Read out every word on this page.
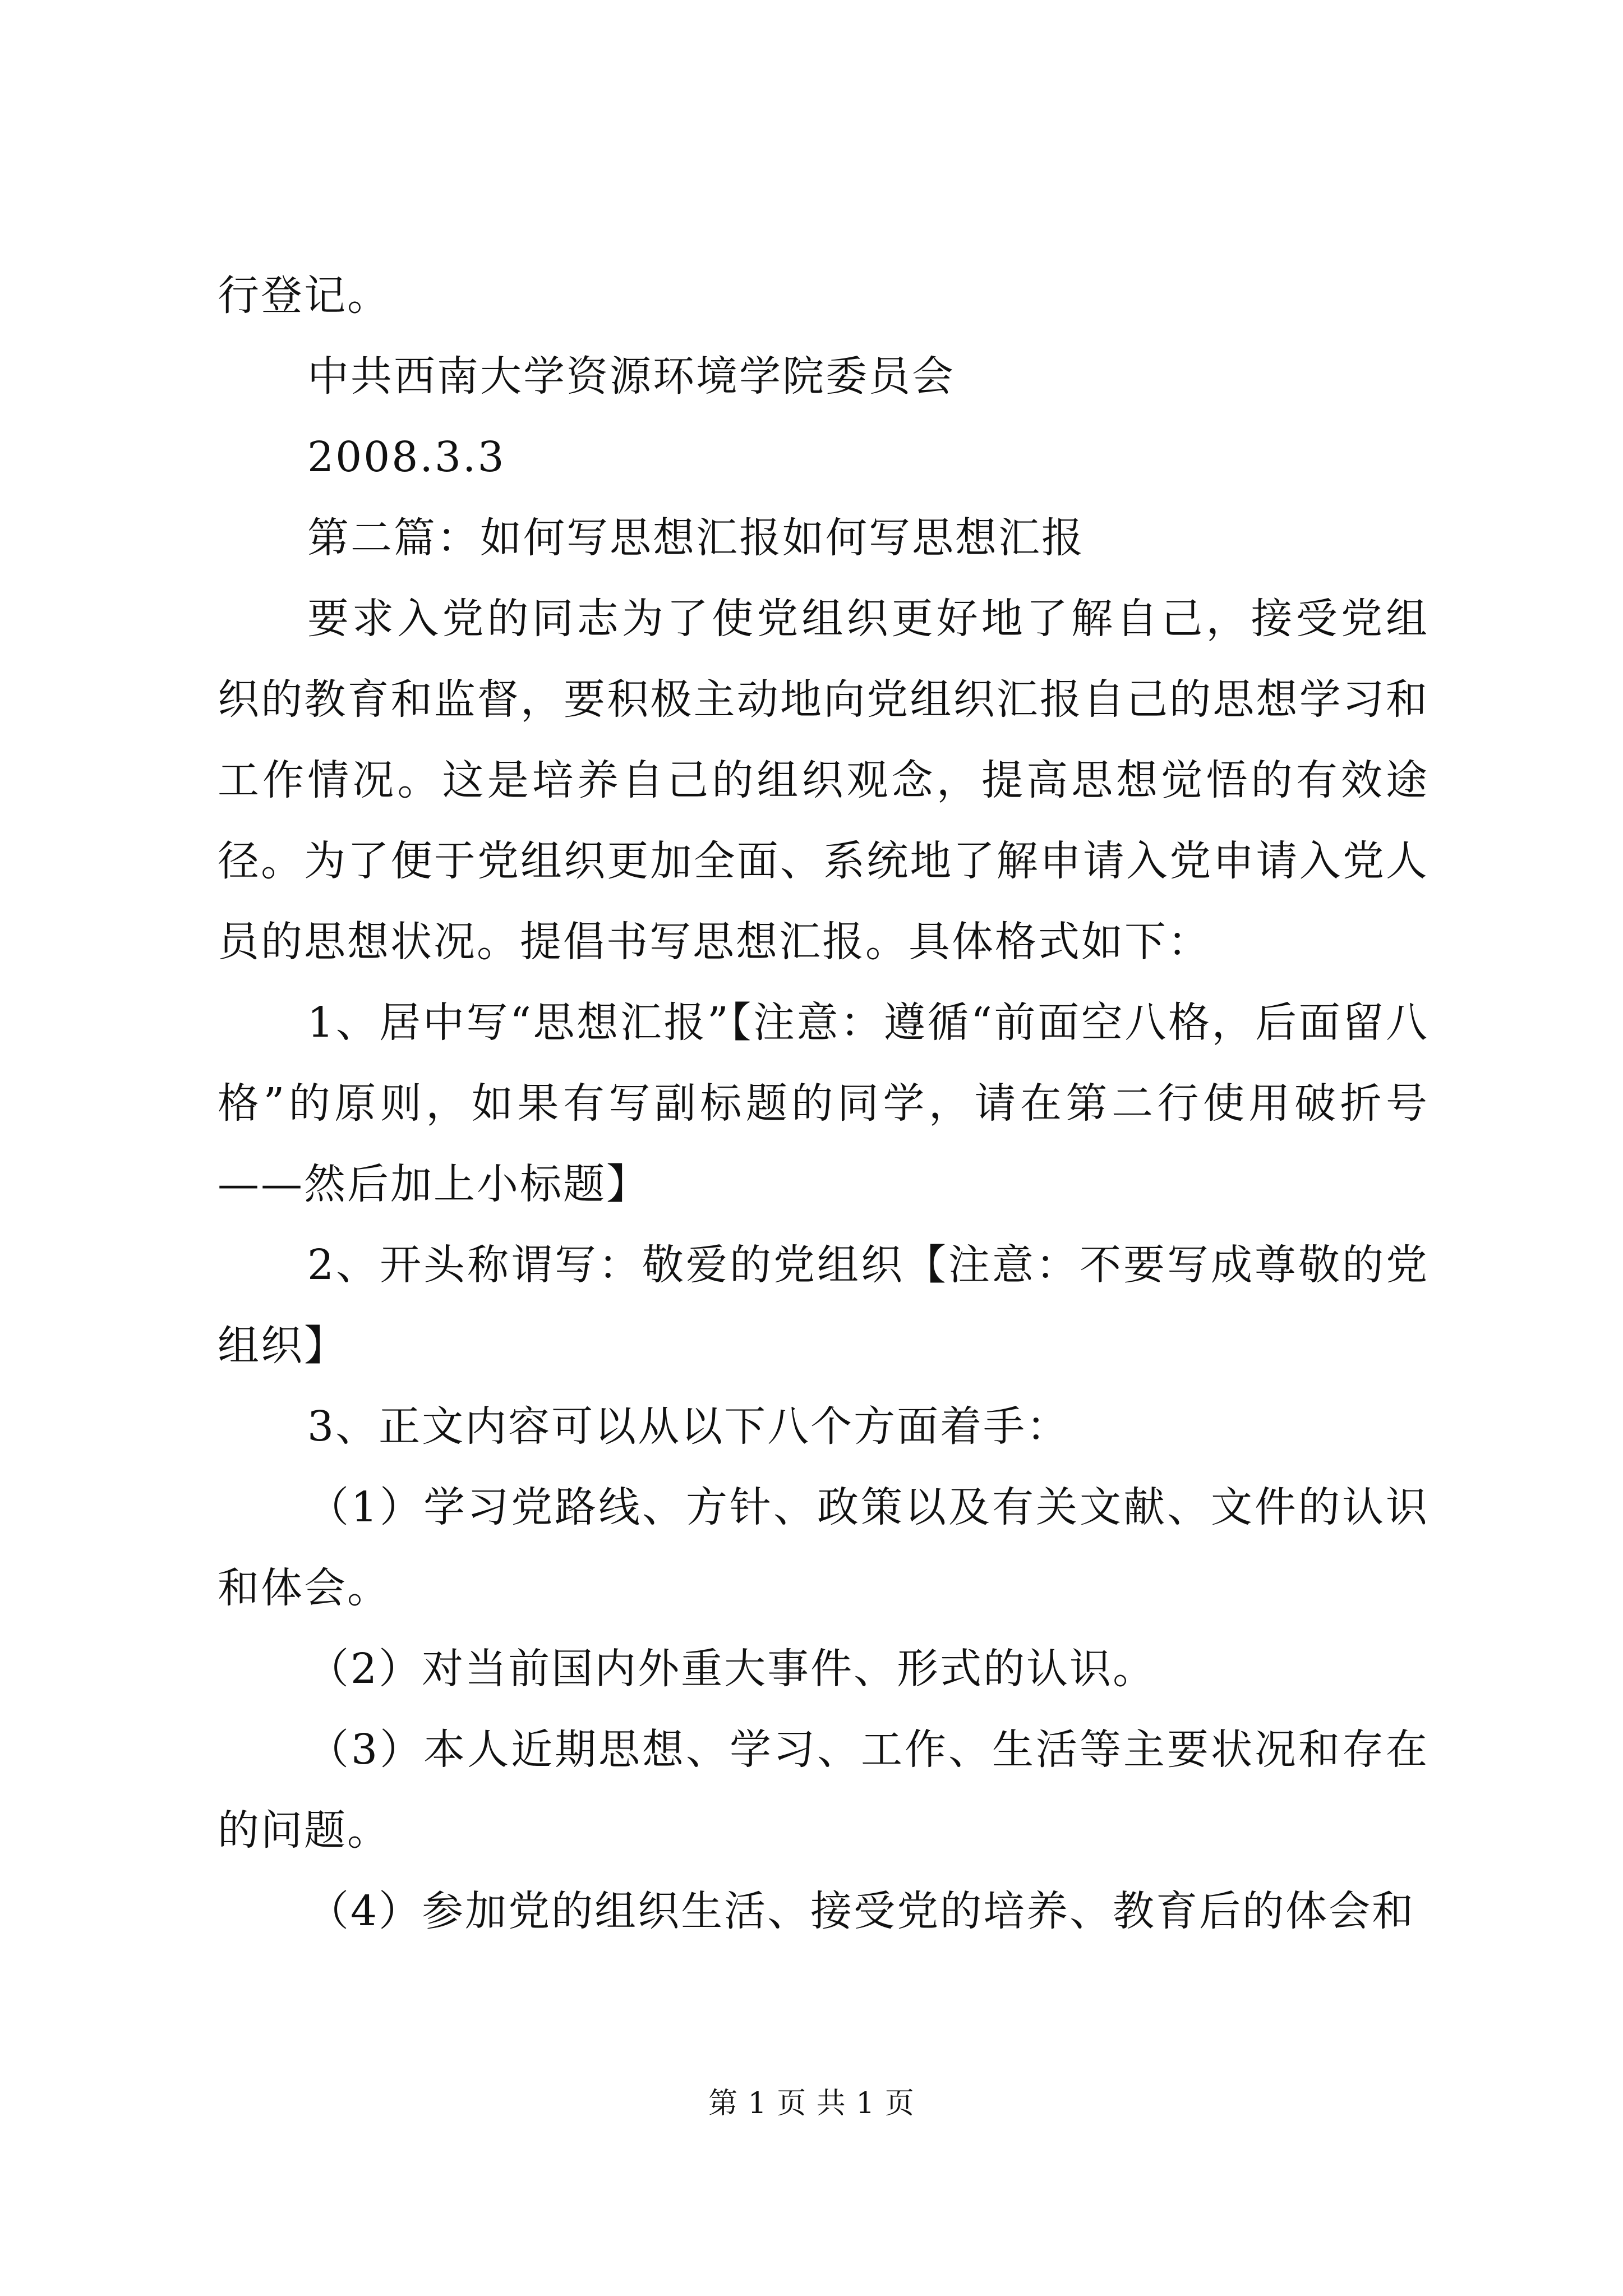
行登记。

中共西南大学资源环境学院委员会

2008.3.3

第二篇：如何写思想汇报如何写思想汇报

要求入党的同志为了使党组织更好地了解自己，接受党组织的教育和监督，要积极主动地向党组织汇报自己的思想学习和工作情况。这是培养自己的组织观念，提高思想觉悟的有效途径。为了便于党组织更加全面、系统地了解申请入党申请入党人员的思想状况。提倡书写思想汇报。具体格式如下：

1、居中写“思想汇报”【注意：遵循“前面空八格，后面留八格”的原则，如果有写副标题的同学，请在第二行使用破折号——然后加上小标题】

2、开头称谓写：敬爱的党组织【注意：不要写成尊敬的党组织】

3、正文内容可以从以下八个方面着手：

（1）学习党路线、方针、政策以及有关文献、文件的认识和体会。

（2）对当前国内外重大事件、形式的认识。

（3）本人近期思想、学习、工作、生活等主要状况和存在的问题。

（4）参加党的组织生活、接受党的培养、教育后的体会和

第 1 页 共 1 页
